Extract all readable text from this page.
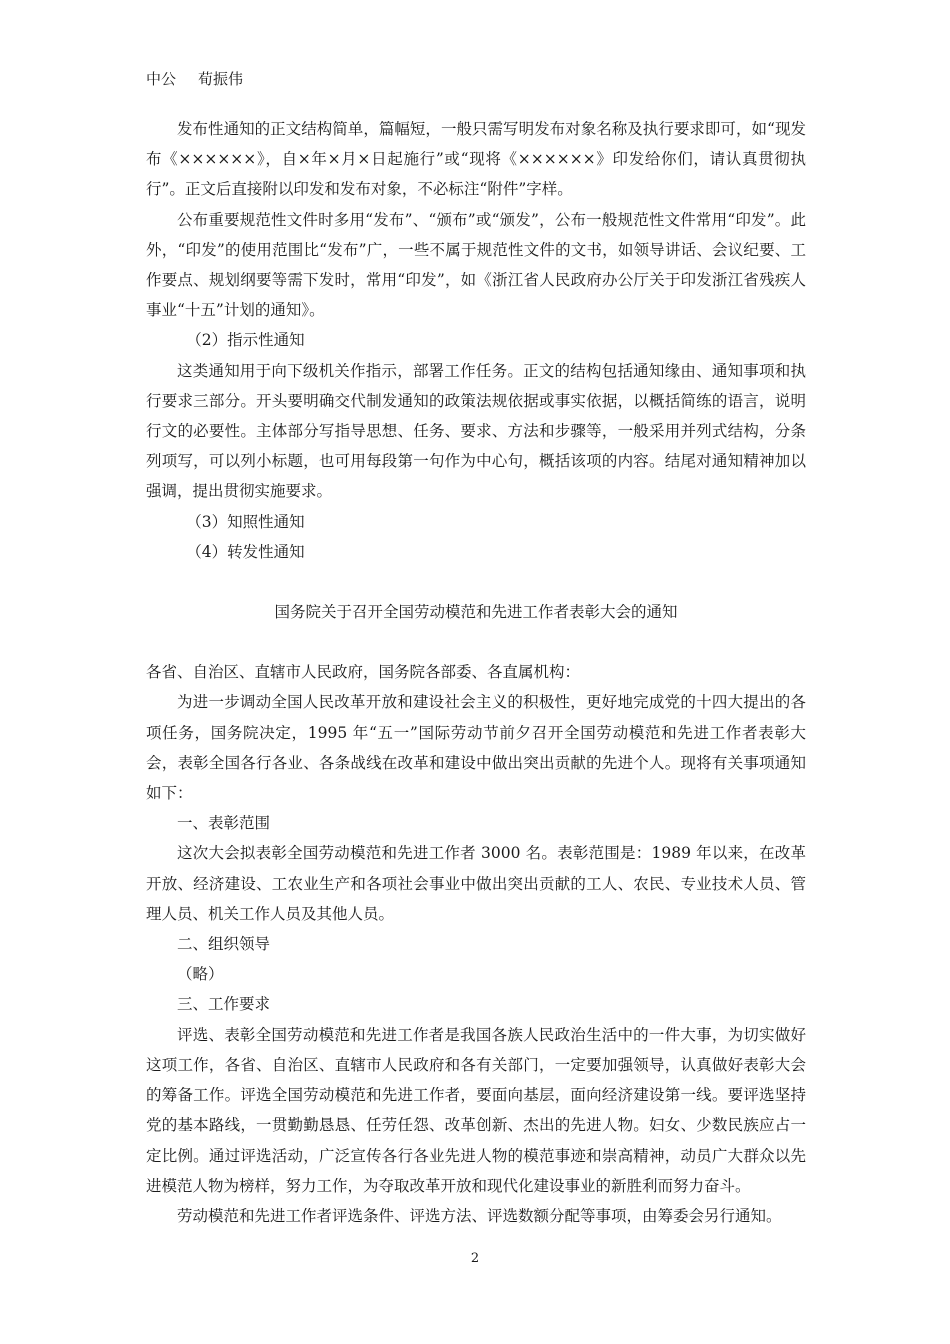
中公 荀振伟

发布性通知的正文结构简单，篇幅短，一般只需写明发布对象名称及执行要求即可，如“现发布《××××××》，自×年×月×日起施行”或“现将《××××××》印发给你们，请认真贯彻执行”。正文后直接附以印发和发布对象，不必标注“附件”字样。

公布重要规范性文件时多用“发布”、“颁布”或“颁发”，公布一般规范性文件常用“印发”。此外，“印发”的使用范围比“发布”广，一些不属于规范性文件的文书，如领导讲话、会议纪要、工作要点、规划纲要等需下发时，常用“印发”，如《浙江省人民政府办公厅关于印发浙江省残疾人事业“十五”计划的通知》。

（2）指示性通知

这类通知用于向下级机关作指示，部署工作任务。正文的结构包括通知缘由、通知事项和执行要求三部分。开头要明确交代制发通知的政策法规依据或事实依据，以概括简练的语言，说明行文的必要性。主体部分写指导思想、任务、要求、方法和步骤等，一般采用并列式结构，分条列项写，可以列小标题，也可用每段第一句作为中心句，概括该项的内容。结尾对通知精神加以强调，提出贯彻实施要求。

（3）知照性通知

（4）转发性通知

国务院关于召开全国劳动模范和先进工作者表彰大会的通知

各省、自治区、直辖市人民政府，国务院各部委、各直属机构：

为进一步调动全国人民改革开放和建设社会主义的积极性，更好地完成党的十四大提出的各项任务，国务院决定，1995 年“五一”国际劳动节前夕召开全国劳动模范和先进工作者表彰大会，表彰全国各行各业、各条战线在改革和建设中做出突出贡献的先进个人。现将有关事项通知如下：

一、表彰范围

这次大会拟表彰全国劳动模范和先进工作者 3000 名。表彰范围是：1989 年以来，在改革开放、经济建设、工农业生产和各项社会事业中做出突出贡献的工人、农民、专业技术人员、管理人员、机关工作人员及其他人员。

二、组织领导

（略）

三、工作要求

评选、表彰全国劳动模范和先进工作者是我国各族人民政治生活中的一件大事，为切实做好这项工作，各省、自治区、直辖市人民政府和各有关部门，一定要加强领导，认真做好表彰大会的筹备工作。评选全国劳动模范和先进工作者，要面向基层，面向经济建设第一线。要评选坚持党的基本路线，一贯勤勤恳恳、任劳任怨、改革创新、杰出的先进人物。妇女、少数民族应占一定比例。通过评选活动，广泛宣传各行各业先进人物的模范事迹和崇高精神，动员广大群众以先进模范人物为榜样，努力工作，为夺取改革开放和现代化建设事业的新胜利而努力奋斗。

劳动模范和先进工作者评选条件、评选方法、评选数额分配等事项，由筹委会另行通知。

2
